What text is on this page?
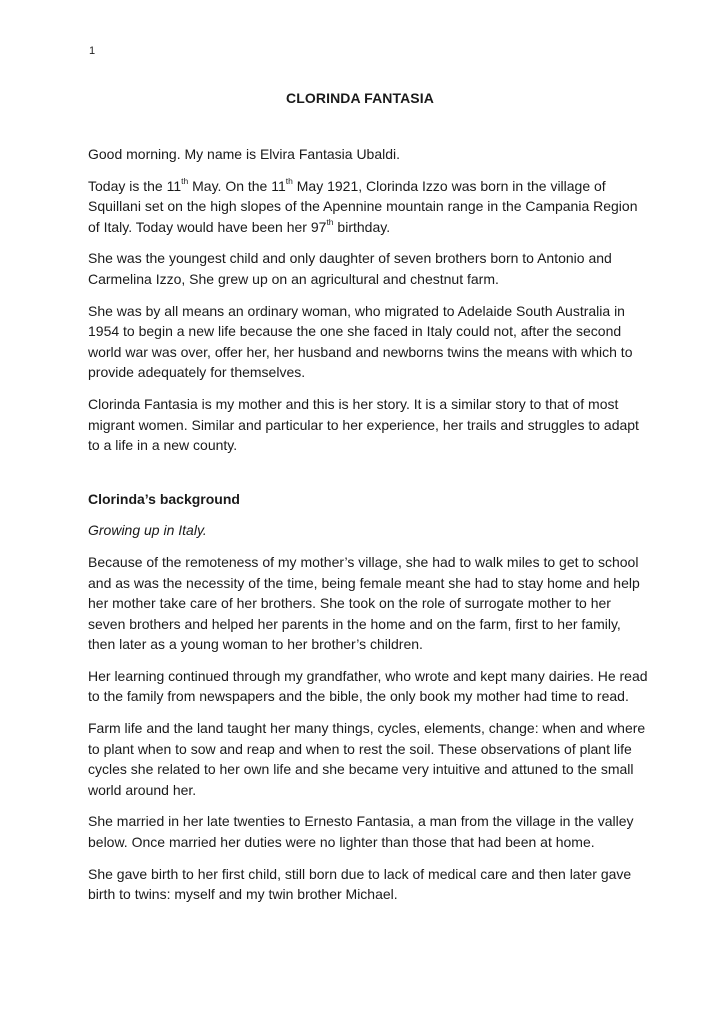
1
CLORINDA FANTASIA

Good morning. My name is Elvira Fantasia Ubaldi.

Today is the 11th May. On the 11th May 1921, Clorinda Izzo was born in the village of Squillani set on the high slopes of the Apennine mountain range in the Campania Region of Italy. Today would have been her 97th birthday.

She was the youngest child and only daughter of seven brothers born to Antonio and Carmelina Izzo, She grew up on an agricultural and chestnut farm.

She was by all means an ordinary woman, who migrated to Adelaide South Australia in 1954 to begin a new life because the one she faced in Italy could not, after the second world war was over, offer her, her husband and newborns twins the means with which to provide adequately for themselves.

Clorinda Fantasia is my mother and this is her story. It is a similar story to that of most migrant women. Similar and particular to her experience, her trails and struggles to adapt to a life in a new county.

Clorinda’s background

Growing up in Italy.

Because of the remoteness of my mother’s village, she had to walk miles to get to school and as was the necessity of the time, being female meant she had to stay home and help her mother take care of her brothers. She took on the role of surrogate mother to her seven brothers and helped her parents in the home and on the farm, first to her family, then later as a young woman to her brother’s children.

Her learning continued through my grandfather, who wrote and kept many dairies. He read to the family from newspapers and the bible, the only book my mother had time to read.

Farm life and the land taught her many things, cycles, elements, change: when and where to plant when to sow and reap and when to rest the soil. These observations of plant life cycles she related to her own life and she became very intuitive and attuned to the small world around her.

She married in her late twenties to Ernesto Fantasia, a man from the village in the valley below. Once married her duties were no lighter than those that had been at home.

She gave birth to her first child, still born due to lack of medical care and then later gave birth to twins: myself and my twin brother Michael.
